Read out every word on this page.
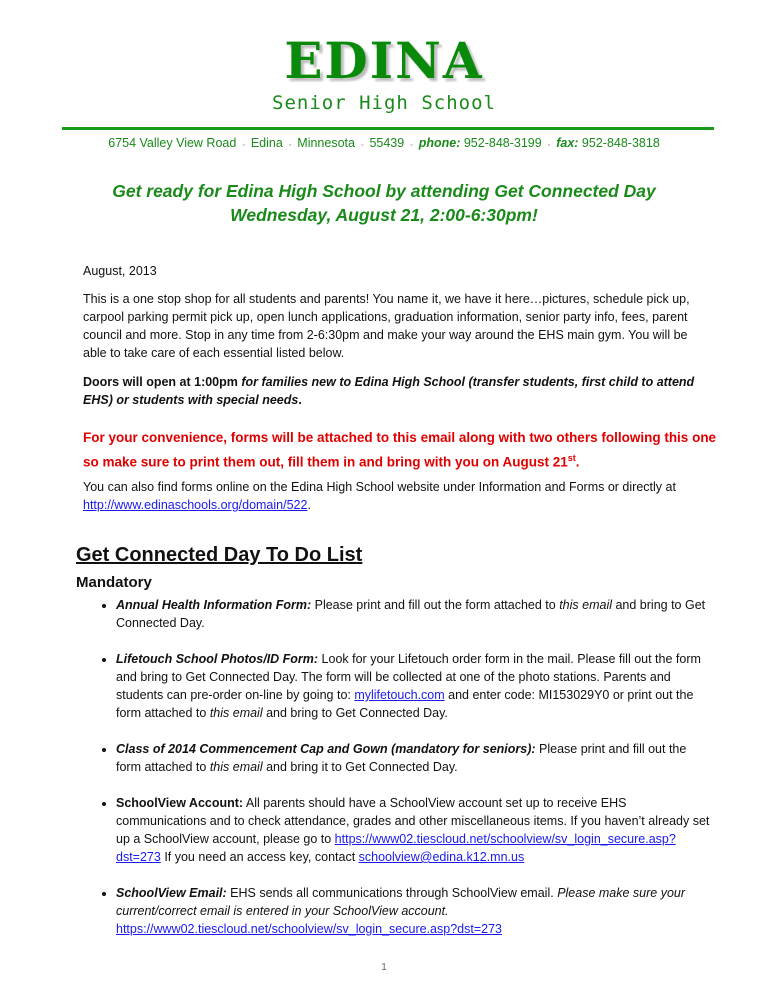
EDINA
Senior High School
6754 Valley View Road ▫ Edina ▫ Minnesota ▫ 55439 ▫ phone: 952-848-3199 ▫ fax: 952-848-3818
Get ready for Edina High School by attending Get Connected Day
Wednesday, August 21, 2:00-6:30pm!

August, 2013

This is a one stop shop for all students and parents! You name it, we have it here…pictures, schedule pick up, carpool parking permit pick up, open lunch applications, graduation information, senior party info, fees, parent council and more. Stop in any time from 2-6:30pm and make your way around the EHS main gym. You will be able to take care of each essential listed below.

Doors will open at 1:00pm for families new to Edina High School (transfer students, first child to attend EHS) or students with special needs.

For your convenience, forms will be attached to this email along with two others following this one so make sure to print them out, fill them in and bring with you on August 21st.

You can also find forms online on the Edina High School website under Information and Forms or directly at http://www.edinaschools.org/domain/522.

Get Connected Day To Do List
Mandatory
• Annual Health Information Form: Please print and fill out the form attached to this email and bring to Get Connected Day.
• Lifetouch School Photos/ID Form: Look for your Lifetouch order form in the mail. Please fill out the form and bring to Get Connected Day. The form will be collected at one of the photo stations. Parents and students can pre-order on-line by going to: mylifetouch.com and enter code: MI153029Y0 or print out the form attached to this email and bring to Get Connected Day.
• Class of 2014 Commencement Cap and Gown (mandatory for seniors): Please print and fill out the form attached to this email and bring it to Get Connected Day.
• SchoolView Account: All parents should have a SchoolView account set up to receive EHS communications and to check attendance, grades and other miscellaneous items. If you haven’t already set up a SchoolView account, please go to https://www02.tiescloud.net/schoolview/sv_login_secure.asp?dst=273 If you need an access key, contact schoolview@edina.k12.mn.us
• SchoolView Email: EHS sends all communications through SchoolView email. Please make sure your current/correct email is entered in your SchoolView account.
https://www02.tiescloud.net/schoolview/sv_login_secure.asp?dst=273
1
